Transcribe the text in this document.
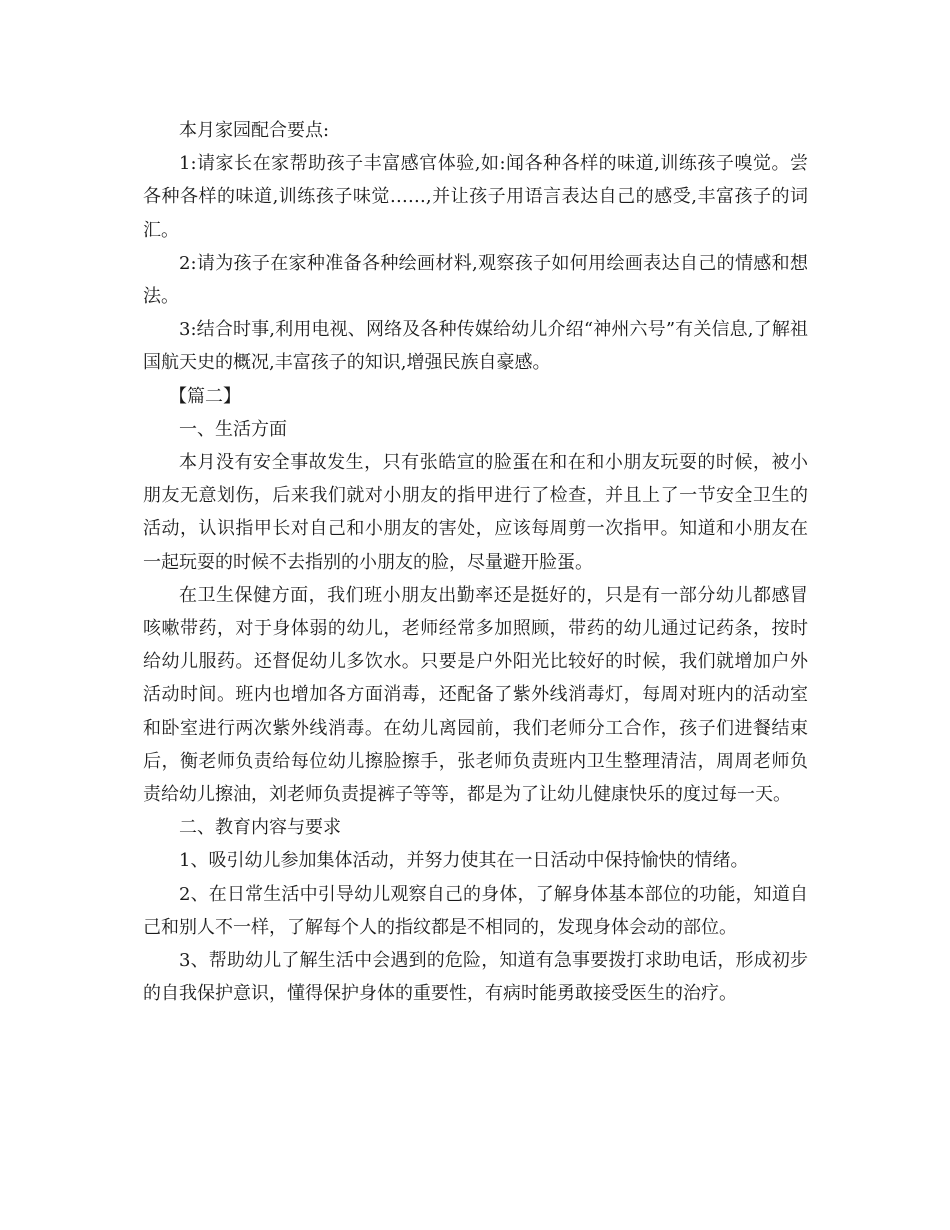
本月家园配合要点:

1:请家长在家帮助孩子丰富感官体验,如:闻各种各样的味道,训练孩子嗅觉。尝各种各样的味道,训练孩子味觉……,并让孩子用语言表达自己的感受,丰富孩子的词汇。

2:请为孩子在家种准备各种绘画材料,观察孩子如何用绘画表达自己的情感和想法。

3:结合时事,利用电视、网络及各种传媒给幼儿介绍“神州六号”有关信息,了解祖国航天史的概况,丰富孩子的知识,增强民族自豪感。

【篇二】

一、生活方面

本月没有安全事故发生，只有张皓宣的脸蛋在和在和小朋友玩耍的时候，被小朋友无意划伤，后来我们就对小朋友的指甲进行了检查，并且上了一节安全卫生的活动，认识指甲长对自己和小朋友的害处，应该每周剪一次指甲。知道和小朋友在一起玩耍的时候不去指别的小朋友的脸，尽量避开脸蛋。

在卫生保健方面，我们班小朋友出勤率还是挺好的，只是有一部分幼儿都感冒咳嗽带药，对于身体弱的幼儿，老师经常多加照顾，带药的幼儿通过记药条，按时给幼儿服药。还督促幼儿多饮水。只要是户外阳光比较好的时候，我们就增加户外活动时间。班内也增加各方面消毒，还配备了紫外线消毒灯，每周对班内的活动室和卧室进行两次紫外线消毒。在幼儿离园前，我们老师分工合作，孩子们进餐结束后，衡老师负责给每位幼儿擦脸擦手，张老师负责班内卫生整理清洁，周周老师负责给幼儿擦油，刘老师负责提裤子等等，都是为了让幼儿健康快乐的度过每一天。

二、教育内容与要求

1、吸引幼儿参加集体活动，并努力使其在一日活动中保持愉快的情绪。

2、在日常生活中引导幼儿观察自己的身体，了解身体基本部位的功能，知道自己和别人不一样，了解每个人的指纹都是不相同的，发现身体会动的部位。

3、帮助幼儿了解生活中会遇到的危险，知道有急事要拨打求助电话，形成初步的自我保护意识，懂得保护身体的重要性，有病时能勇敢接受医生的治疗。
